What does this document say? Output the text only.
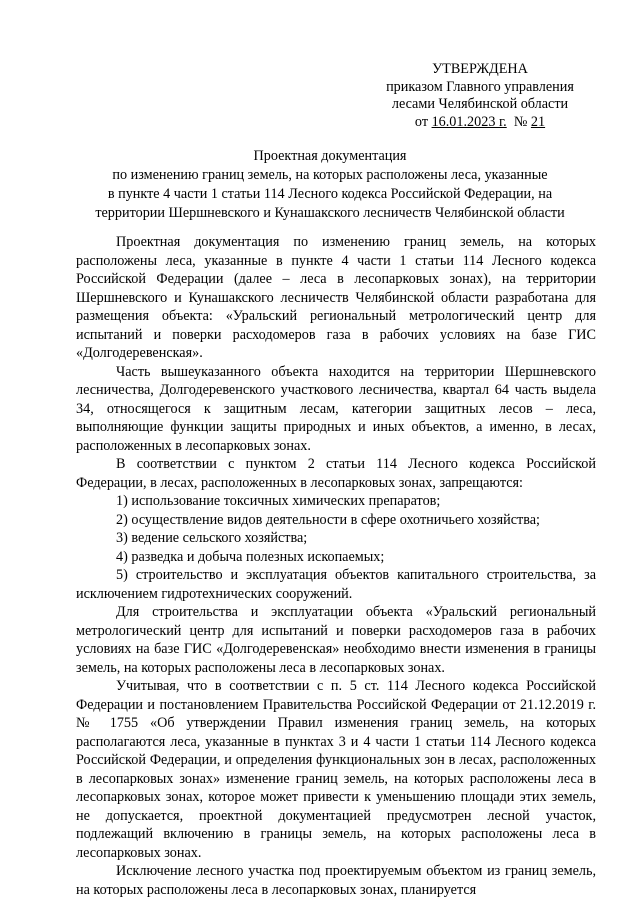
УТВЕРЖДЕНА
приказом Главного управления
лесами Челябинской области
от 16.01.2023 г.  № 21
Проектная документация
по изменению границ земель, на которых расположены леса, указанные
в пункте 4 части 1 статьи 114 Лесного кодекса Российской Федерации, на
территории Шершневского и Кунашакского лесничеств Челябинской области

Проектная документация по изменению границ земель, на которых расположены леса, указанные в пункте 4 части 1 статьи 114 Лесного кодекса Российской Федерации (далее – леса в лесопарковых зонах), на территории Шершневского и Кунашакского лесничеств Челябинской области разработана для размещения объекта: «Уральский региональный метрологический центр для испытаний и поверки расходомеров газа в рабочих условиях на базе ГИС «Долгодеревенская».

Часть вышеуказанного объекта находится на территории Шершневского лесничества, Долгодеревенского участкового лесничества, квартал 64 часть выдела 34, относящегося к защитным лесам, категории защитных лесов – леса, выполняющие функции защиты природных и иных объектов, а именно, в лесах, расположенных в лесопарковых зонах.

В соответствии с пунктом 2 статьи 114 Лесного кодекса Российской Федерации, в лесах, расположенных в лесопарковых зонах, запрещаются:

1) использование токсичных химических препаратов;

2) осуществление видов деятельности в сфере охотничьего хозяйства;

3) ведение сельского хозяйства;

4) разведка и добыча полезных ископаемых;

5) строительство и эксплуатация объектов капитального строительства, за исключением гидротехнических сооружений.

Для строительства и эксплуатации объекта «Уральский региональный метрологический центр для испытаний и поверки расходомеров газа в рабочих условиях на базе ГИС «Долгодеревенская» необходимо внести изменения в границы земель, на которых расположены леса в лесопарковых зонах.

Учитывая, что в соответствии с п. 5 ст. 114 Лесного кодекса Российской Федерации и постановлением Правительства Российской Федерации от 21.12.2019 г. № 1755 «Об утверждении Правил изменения границ земель, на которых располагаются леса, указанные в пунктах 3 и 4 части 1 статьи 114 Лесного кодекса Российской Федерации, и определения функциональных зон в лесах, расположенных в лесопарковых зонах» изменение границ земель, на которых расположены леса в лесопарковых зонах, которое может привести к уменьшению площади этих земель, не допускается, проектной документацией предусмотрен лесной участок, подлежащий включению в границы земель, на которых расположены леса в лесопарковых зонах.

Исключение лесного участка под проектируемым объектом из границ земель, на которых расположены леса в лесопарковых зонах, планируется
